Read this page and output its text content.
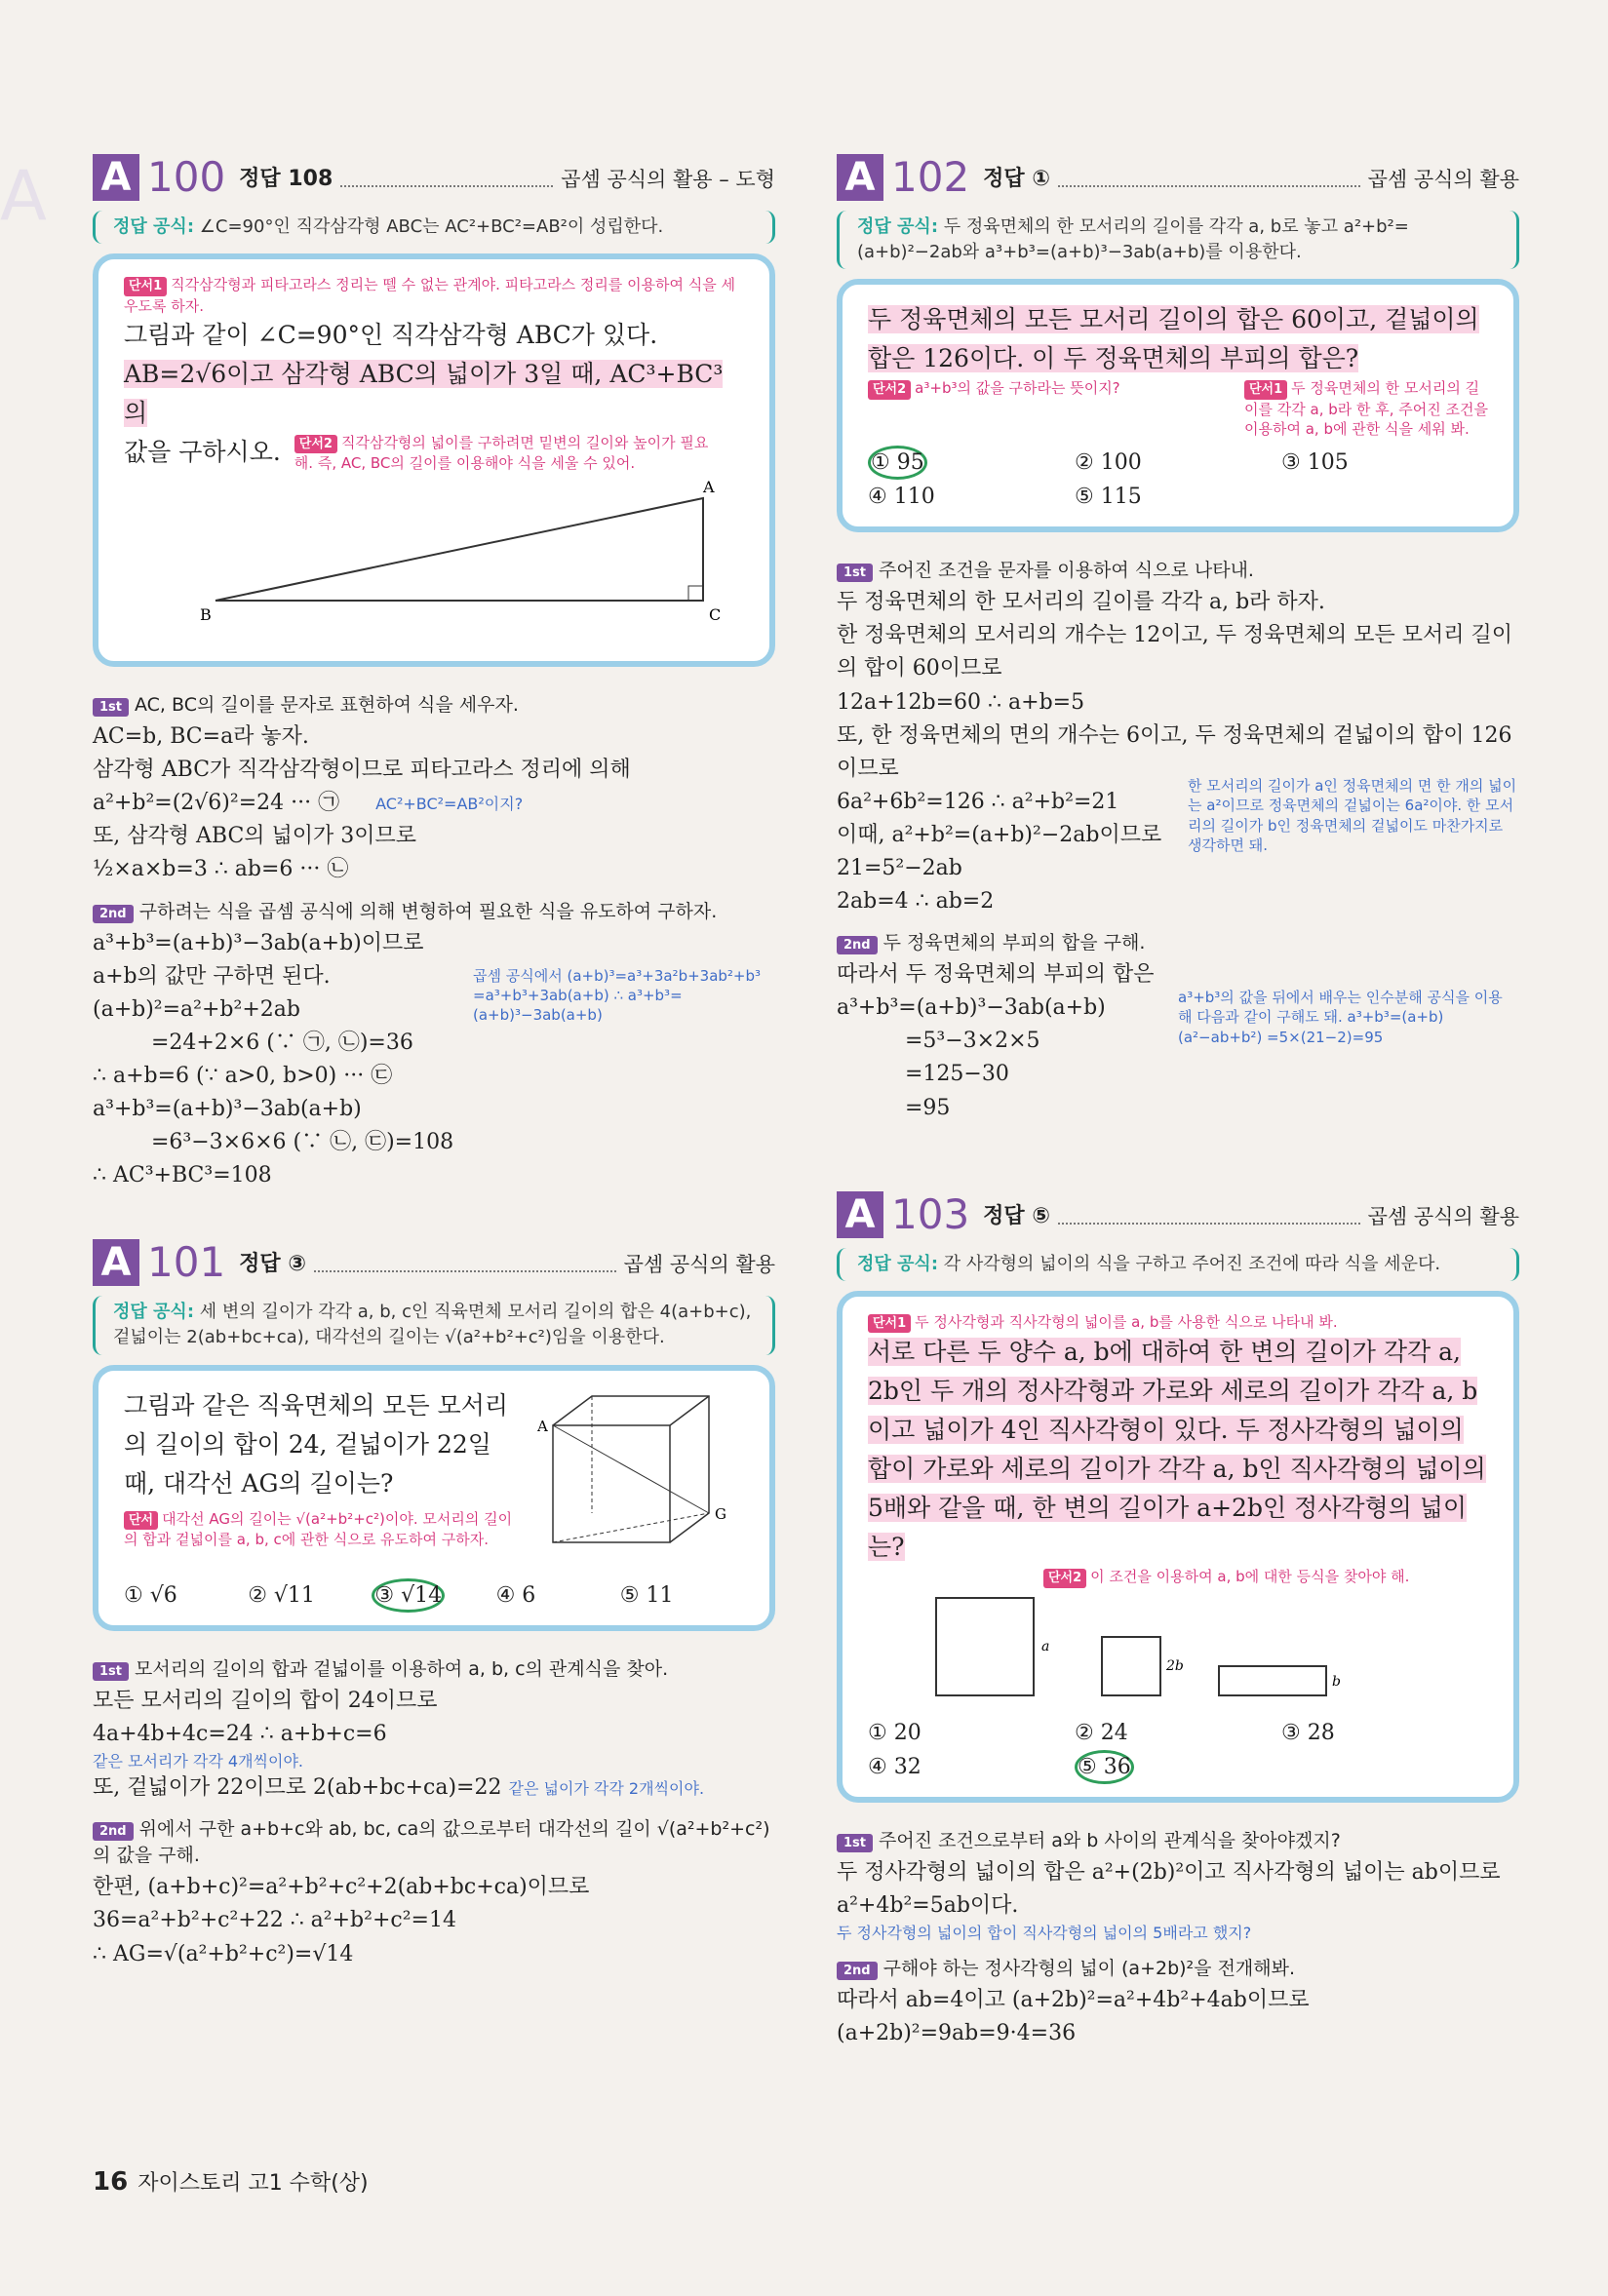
A	A 100 정답 108	곱셈 공식의 활용 – 도형
정답 공식: ∠C=90°인 직각삼각형 ABC는 AC²+BC²=AB²이 성립한다.
단서1 직각삼각형과 피타고라스 정리는 뗄 수 없는 관계야. 피타고라스 정리를 이용하여 식을 세우도록 하자.
그림과 같이 ∠C=90°인 직각삼각형 ABC가 있다.
AB=2√6이고 삼각형 ABC의 넓이가 3일 때, AC³+BC³의
값을 구하시오.	단서2 직각삼각형의 넓이를 구하려면 밑변의 길이와 높이가 필요해. 즉, AC, BC의 길이를 이용해야 식을 세울 수 있어.
A
B	C
1st AC, BC의 길이를 문자로 표현하여 식을 세우자.
AC=b, BC=a라 놓자.
삼각형 ABC가 직각삼각형이므로 피타고라스 정리에 의해
a²+b²=(2√6)²=24 ··· ㉠ AC²+BC²=AB²이지?
또, 삼각형 ABC의 넓이가 3이므로
½×a×b=3 ∴ ab=6 ··· ㉡
2nd 구하려는 식을 곱셈 공식에 의해 변형하여 필요한 식을 유도하여 구하자.
a³+b³=(a+b)³−3ab(a+b)이므로
a+b의 값만 구하면 된다.
(a+b)²=a²+b²+2ab
=24+2×6 (∵ ㉠, ㉡)=36
∴ a+b=6 (∵ a>0, b>0) ··· ㉢
a³+b³=(a+b)³−3ab(a+b)
=6³−3×6×6 (∵ ㉡, ㉢)=108
∴ AC³+BC³=108
곱셈 공식에서 (a+b)³=a³+3a²b+3ab²+b³ =a³+b³+3ab(a+b) ∴ a³+b³=(a+b)³−3ab(a+b)
A 101 정답 ③	곱셈 공식의 활용
정답 공식: 세 변의 길이가 각각 a, b, c인 직육면체 모서리 길이의 합은 4(a+b+c), 겉넓이는 2(ab+bc+ca), 대각선의 길이는 √(a²+b²+c²)임을 이용한다.
그림과 같은 직육면체의 모든 모서리의 길이의 합이 24, 겉넓이가 22일 때, 대각선 AG의 길이는?
단서 대각선 AG의 길이는 √(a²+b²+c²)이야. 모서리의 길이의 합과 겉넓이를 a, b, c에 관한 식으로 유도하여 구하자.
A
G
① √6	② √11	③ √14	④ 6	⑤ 11
1st 모서리의 길이의 합과 겉넓이를 이용하여 a, b, c의 관계식을 찾아.
모든 모서리의 길이의 합이 24이므로
4a+4b+4c=24 ∴ a+b+c=6
같은 모서리가 각각 4개씩이야.
또, 겉넓이가 22이므로 2(ab+bc+ca)=22 같은 넓이가 각각 2개씩이야.
2nd 위에서 구한 a+b+c와 ab, bc, ca의 값으로부터 대각선의 길이 √(a²+b²+c²)의 값을 구해.
한편, (a+b+c)²=a²+b²+c²+2(ab+bc+ca)이므로
36=a²+b²+c²+22 ∴ a²+b²+c²=14
∴ AG=√(a²+b²+c²)=√14
A 102 정답 ①	곱셈 공식의 활용
정답 공식: 두 정육면체의 한 모서리의 길이를 각각 a, b로 놓고 a²+b²=(a+b)²−2ab와 a³+b³=(a+b)³−3ab(a+b)를 이용한다.
두 정육면체의 모든 모서리 길이의 합은 60이고, 겉넓이의 합은 126이다. 이 두 정육면체의 부피의 합은?
단서2 a³+b³의 값을 구하라는 뜻이지?	단서1 두 정육면체의 한 모서리의 길이를 각각 a, b라 한 후, 주어진 조건을 이용하여 a, b에 관한 식을 세워 봐.
① 95	② 100	③ 105
④ 110	⑤ 115
1st 주어진 조건을 문자를 이용하여 식으로 나타내.
두 정육면체의 한 모서리의 길이를 각각 a, b라 하자.
한 정육면체의 모서리의 개수는 12이고, 두 정육면체의 모든 모서리 길이의 합이 60이므로
12a+12b=60 ∴ a+b=5
또, 한 정육면체의 면의 개수는 6이고, 두 정육면체의 겉넓이의 합이 126이므로
6a²+6b²=126 ∴ a²+b²=21
이때, a²+b²=(a+b)²−2ab이므로
21=5²−2ab
2ab=4 ∴ ab=2
한 모서리의 길이가 a인 정육면체의 면 한 개의 넓이는 a²이므로 정육면체의 겉넓이는 6a²이야. 한 모서리의 길이가 b인 정육면체의 겉넓이도 마찬가지로 생각하면 돼.
2nd 두 정육면체의 부피의 합을 구해.
따라서 두 정육면체의 부피의 합은
a³+b³=(a+b)³−3ab(a+b)
=5³−3×2×5
=125−30
=95
a³+b³의 값을 뒤에서 배우는 인수분해 공식을 이용해 다음과 같이 구해도 돼. a³+b³=(a+b)(a²−ab+b²) =5×(21−2)=95
A 103 정답 ⑤	곱셈 공식의 활용
정답 공식: 각 사각형의 넓이의 식을 구하고 주어진 조건에 따라 식을 세운다.
단서1 두 정사각형과 직사각형의 넓이를 a, b를 사용한 식으로 나타내 봐.
서로 다른 두 양수 a, b에 대하여 한 변의 길이가 각각 a, 2b인 두 개의 정사각형과 가로와 세로의 길이가 각각 a, b이고 넓이가 4인 직사각형이 있다. 두 정사각형의 넓이의 합이 가로와 세로의 길이가 각각 a, b인 직사각형의 넓이의 5배와 같을 때, 한 변의 길이가 a+2b인 정사각형의 넓이는?
단서2 이 조건을 이용하여 a, b에 대한 등식을 찾아야 해.
a
2b
b
① 20	② 24	③ 28
④ 32	⑤ 36
1st 주어진 조건으로부터 a와 b 사이의 관계식을 찾아야겠지?
두 정사각형의 넓이의 합은 a²+(2b)²이고 직사각형의 넓이는 ab이므로 a²+4b²=5ab이다.
두 정사각형의 넓이의 합이 직사각형의 넓이의 5배라고 했지?
2nd 구해야 하는 정사각형의 넓이 (a+2b)²을 전개해봐.
따라서 ab=4이고 (a+2b)²=a²+4b²+4ab이므로
(a+2b)²=9ab=9·4=36
16 자이스토리 고1 수학(상)
